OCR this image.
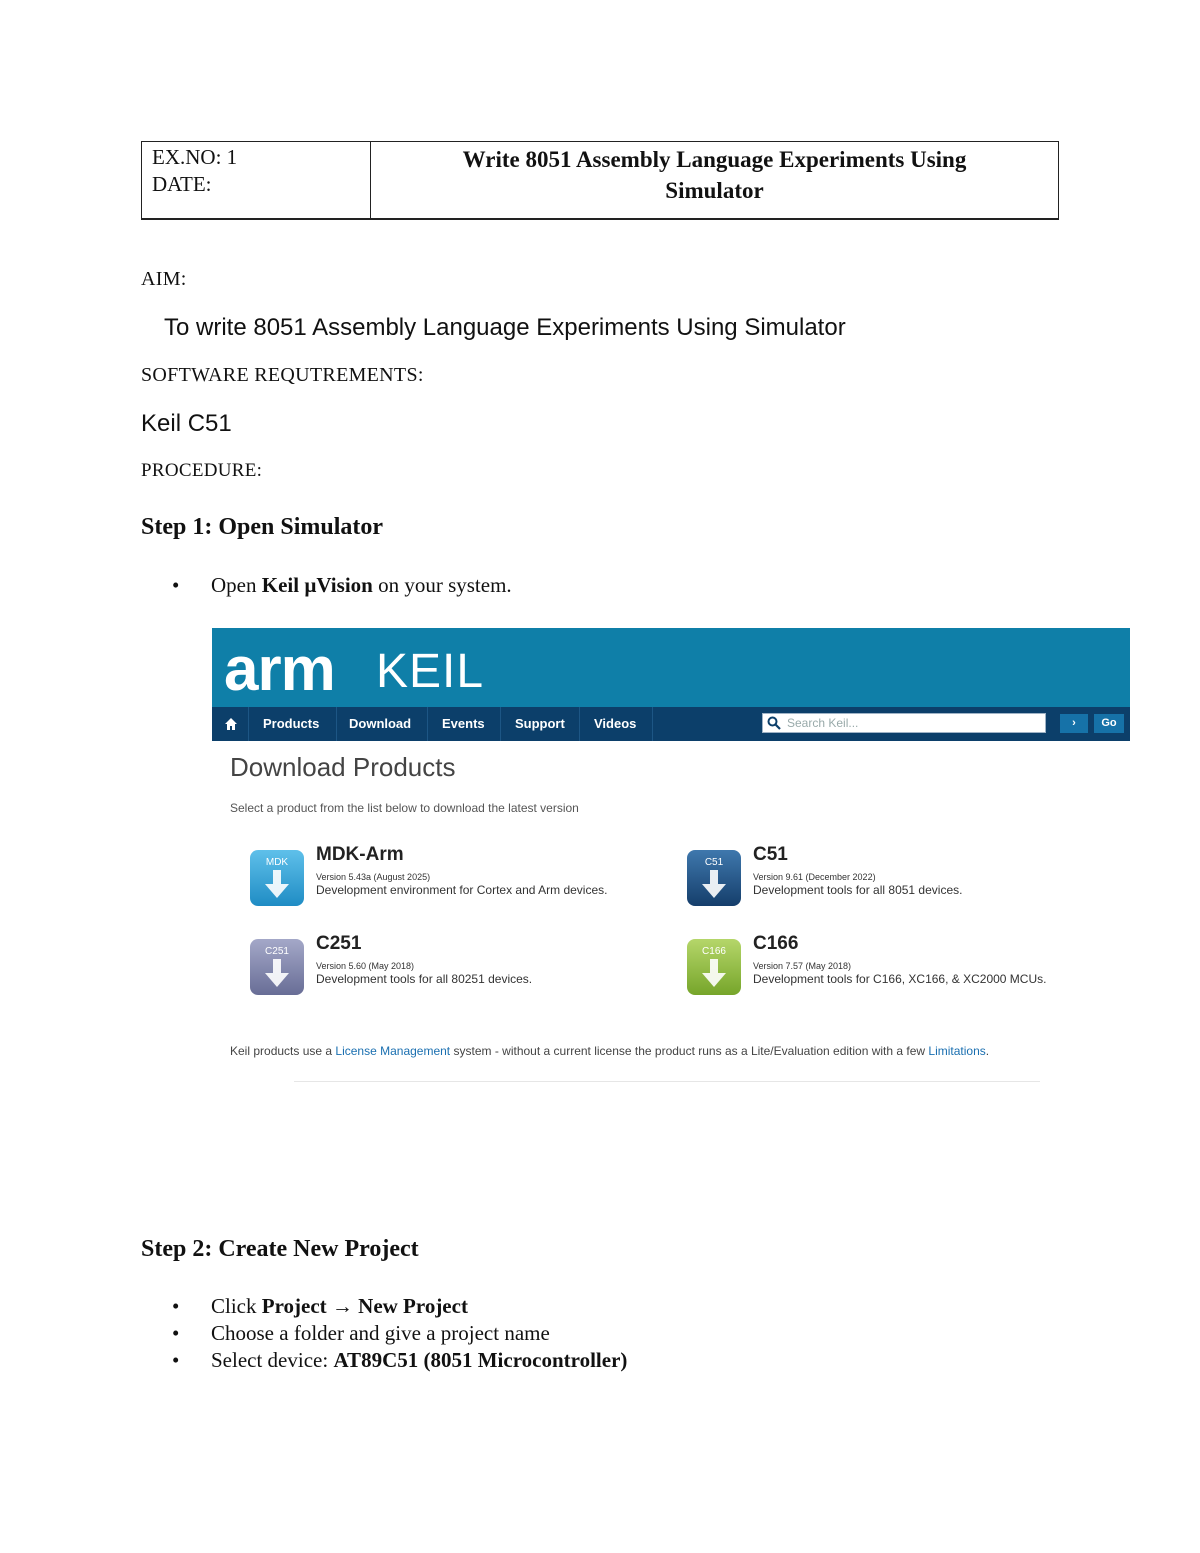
EX.NO: 1
DATE:
Write 8051 Assembly Language Experiments Using
Simulator
AIM:
To write 8051 Assembly Language Experiments Using Simulator
SOFTWARE REQUTREMENTS:
Keil C51
PROCEDURE:
Step 1: Open Simulator
• Open Keil µVision on your system.
arm KEIL
Products Download Events Support Videos	Search Keil...	›	Go
Download Products
Select a product from the list below to download the latest version
MDK	MDK-Arm
Version 5.43a (August 2025)
Development environment for Cortex and Arm devices.
C51	C51
Version 9.61 (December 2022)
Development tools for all 8051 devices.
C251	C251
Version 5.60 (May 2018)
Development tools for all 80251 devices.
C166	C166
Version 7.57 (May 2018)
Development tools for C166, XC166, & XC2000 MCUs.
Keil products use a License Management system - without a current license the product runs as a Lite/Evaluation edition with a few Limitations.
Step 2: Create New Project
• Click Project → New Project
• Choose a folder and give a project name
• Select device: AT89C51 (8051 Microcontroller)
